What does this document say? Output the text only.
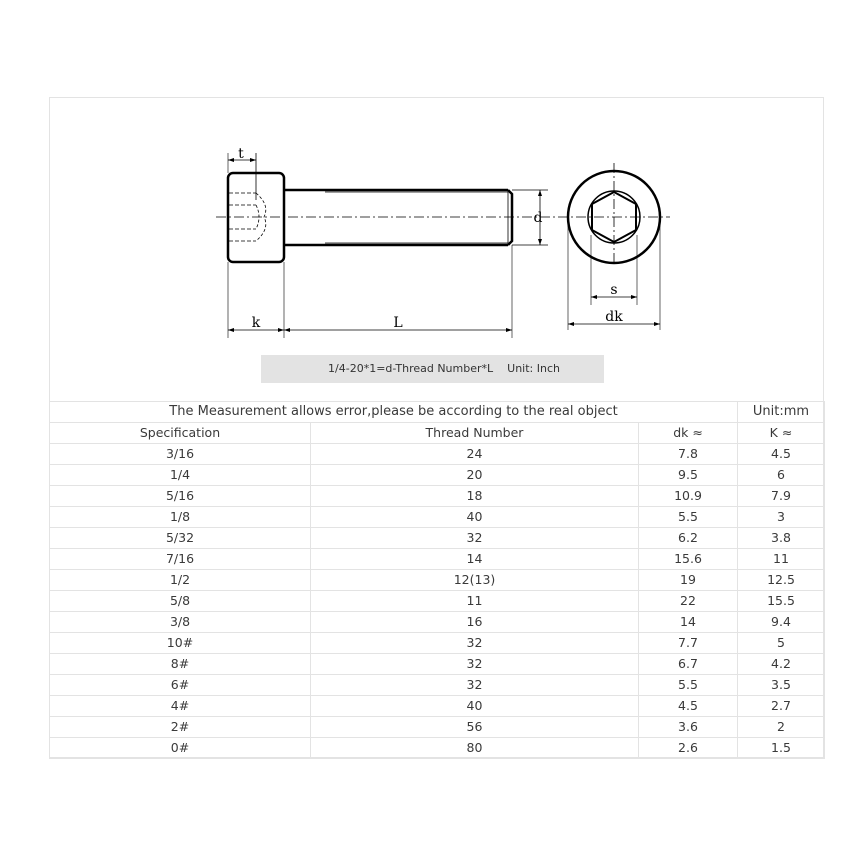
t
k	L
d
s
dk
1/4-20*1=d-Thread Number*L Unit: Inch
The Measurement allows error,please be according to the real object			Unit:mm
Specification	Thread Number	dk ≈	K ≈
3/16	24	7.8	4.5
1/4	20	9.5	6
5/16	18	10.9	7.9
1/8	40	5.5	3
5/32	32	6.2	3.8
7/16	14	15.6	11
1/2	12(13)	19	12.5
5/8	11	22	15.5
3/8	16	14	9.4
10#	32	7.7	5
8#	32	6.7	4.2
6#	32	5.5	3.5
4#	40	4.5	2.7
2#	56	3.6	2
0#	80	2.6	1.5
